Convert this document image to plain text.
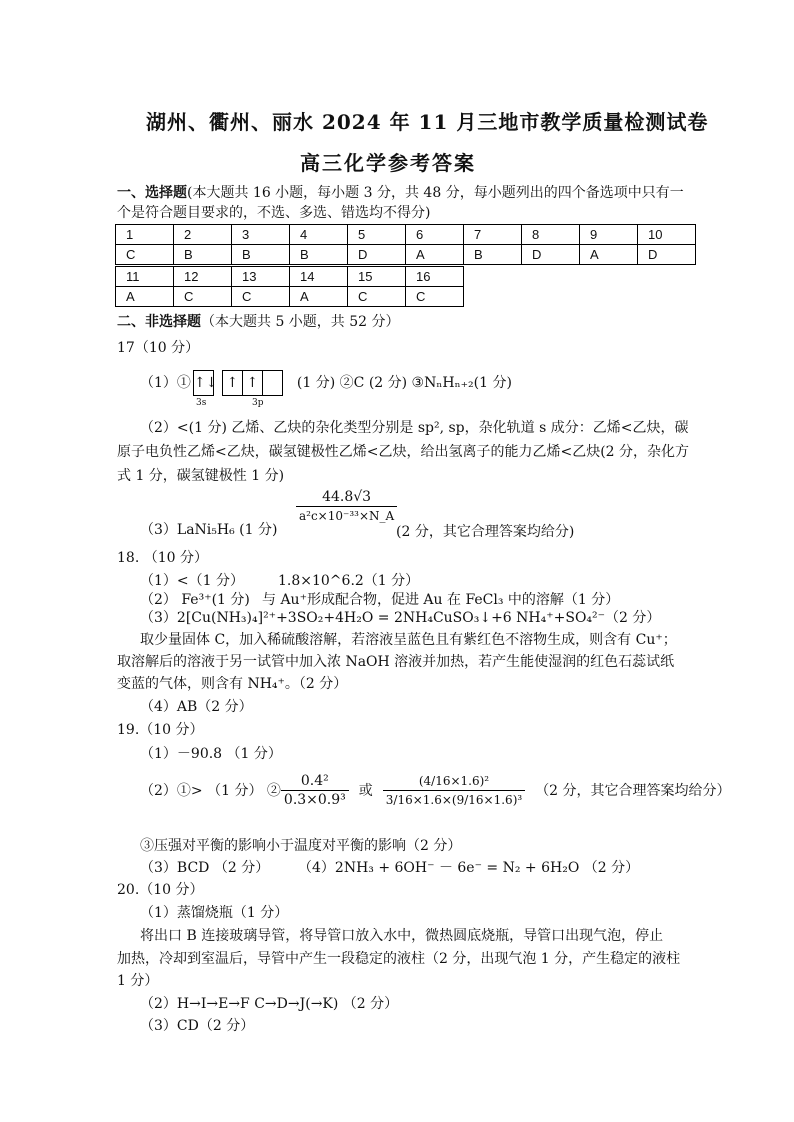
湖州、衢州、丽水 2024 年 11 月三地市教学质量检测试卷
高三化学参考答案
一、选择题(本大题共 16 小题，每小题 3 分，共 48 分，每小题列出的四个备选项中只有一
个是符合题目要求的，不选、多选、错选均不得分)
1	2	3	4	5	6	7	8	9	10
C	B	B	B	D	A	B	D	A	D
11	12	13	14	15	16
A	C	C	A	C	C
二、非选择题（本大题共 5 小题，共 52 分）
17（10 分）
（1）① ↑↓ ↑ ↑	(1 分) ②C (2 分) ③NₙHₙ₊₂(1 分)
3s	3p
（2）<(1 分) 乙烯、乙炔的杂化类型分别是 sp², sp，杂化轨道 s 成分：乙烯<乙炔，碳
原子电负性乙烯<乙炔，碳氢键极性乙烯<乙炔，给出氢离子的能力乙烯<乙炔(2 分，杂化方
式 1 分，碳氢键极性 1 分)
$\frac{44.8√3}{\text{a²c×10⁻³³×N\_A}}$
（3）LaNi₅H₆ (1 分)	(2 分，其它合理答案均给分)
18. （10 分）
（1）<（1 分） 1.8×10^6.2（1 分）
（2） Fe³⁺(1 分) 与 Au⁺形成配合物，促进 Au 在 FeCl₃ 中的溶解（1 分）
（3）2[Cu(NH₃)₄]²⁺+3SO₂+4H₂O = 2NH₄CuSO₃↓+6 NH₄⁺+SO₄²⁻（2 分）
取少量固体 C，加入稀硫酸溶解，若溶液呈蓝色且有紫红色不溶物生成，则含有 Cu⁺；
取溶解后的溶液于另一试管中加入浓 NaOH 溶液并加热，若产生能使湿润的红色石蕊试纸
变蓝的气体，则含有 NH₄⁺。（2 分）
（4）AB（2 分）
19.（10 分）
（1）－90.8 （1 分）
（2）①> （1 分） ② $\frac{\text{0.4²}}{\text{0.3×0.9³}}$ 或 $\frac{\text{(4/16×1.6)²}}{\text{3/16×1.6×(9/16×1.6)³}} (2$ 分，其它合理答案均给分）
③压强对平衡的影响小于温度对平衡的影响（2 分）
（3）BCD （2 分） （4）2NH₃ + 6OH⁻ － 6e⁻ = N₂ + 6H₂O （2 分）
20.（10 分）
（1）蒸馏烧瓶（1 分）
将出口 B 连接玻璃导管，将导管口放入水中，微热圆底烧瓶，导管口出现气泡，停止
加热，冷却到室温后，导管中产生一段稳定的液柱（2 分，出现气泡 1 分，产生稳定的液柱
1 分）
（2）H→I→E→F C→D→J(→K) （2 分）
（3）CD（2 分）
